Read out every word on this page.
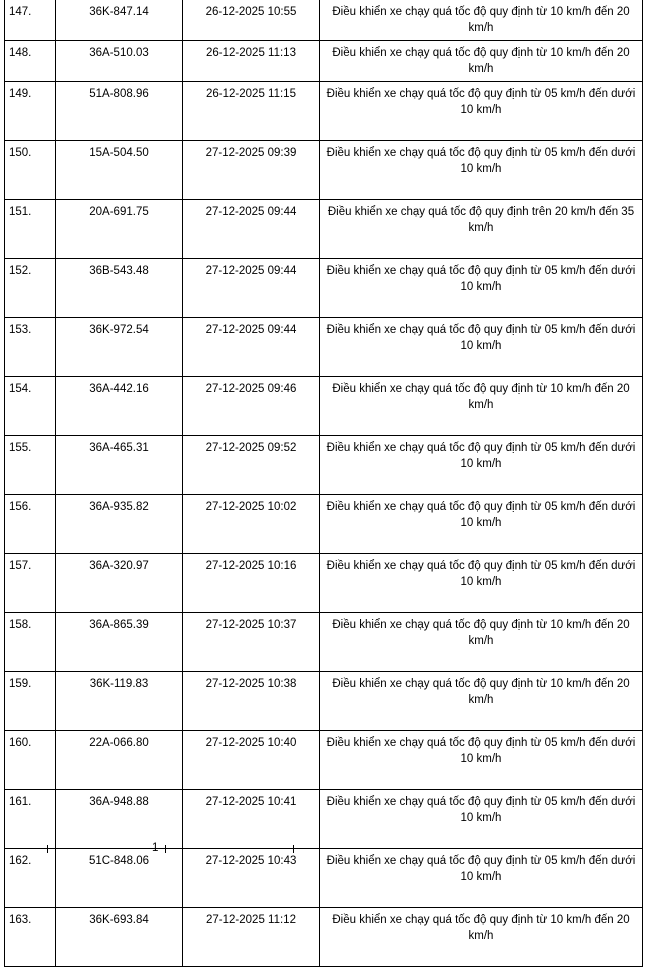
147.	36K-847.14	26-12-2025 10:55	Điều khiển xe chạy quá tốc độ quy định từ 10 km/h đến 20 km/h
148.	36A-510.03	26-12-2025 11:13	Điều khiển xe chạy quá tốc độ quy định từ 10 km/h đến 20 km/h
149.	51A-808.96	26-12-2025 11:15	Điều khiển xe chạy quá tốc độ quy định từ 05 km/h đến dưới 10 km/h
150.	15A-504.50	27-12-2025 09:39	Điều khiển xe chạy quá tốc độ quy định từ 05 km/h đến dưới 10 km/h
151.	20A-691.75	27-12-2025 09:44	Điều khiển xe chạy quá tốc độ quy định trên 20 km/h đến 35 km/h
152.	36B-543.48	27-12-2025 09:44	Điều khiển xe chạy quá tốc độ quy định từ 05 km/h đến dưới 10 km/h
153.	36K-972.54	27-12-2025 09:44	Điều khiển xe chạy quá tốc độ quy định từ 05 km/h đến dưới 10 km/h
154.	36A-442.16	27-12-2025 09:46	Điều khiển xe chạy quá tốc độ quy định từ 10 km/h đến 20 km/h
155.	36A-465.31	27-12-2025 09:52	Điều khiển xe chạy quá tốc độ quy định từ 05 km/h đến dưới 10 km/h
156.	36A-935.82	27-12-2025 10:02	Điều khiển xe chạy quá tốc độ quy định từ 05 km/h đến dưới 10 km/h
157.	36A-320.97	27-12-2025 10:16	Điều khiển xe chạy quá tốc độ quy định từ 05 km/h đến dưới 10 km/h
158.	36A-865.39	27-12-2025 10:37	Điều khiển xe chạy quá tốc độ quy định từ 10 km/h đến 20 km/h
159.	36K-119.83	27-12-2025 10:38	Điều khiển xe chạy quá tốc độ quy định từ 10 km/h đến 20 km/h
160.	22A-066.80	27-12-2025 10:40	Điều khiển xe chạy quá tốc độ quy định từ 05 km/h đến dưới 10 km/h
161.	36A-948.88	27-12-2025 10:41	Điều khiển xe chạy quá tốc độ quy định từ 05 km/h đến dưới 10 km/h
162.	51C-848.06	27-12-2025 10:43	Điều khiển xe chạy quá tốc độ quy định từ 05 km/h đến dưới 10 km/h
163.	36K-693.84	27-12-2025 11:12	Điều khiển xe chạy quá tốc độ quy định từ 10 km/h đến 20 km/h
1
